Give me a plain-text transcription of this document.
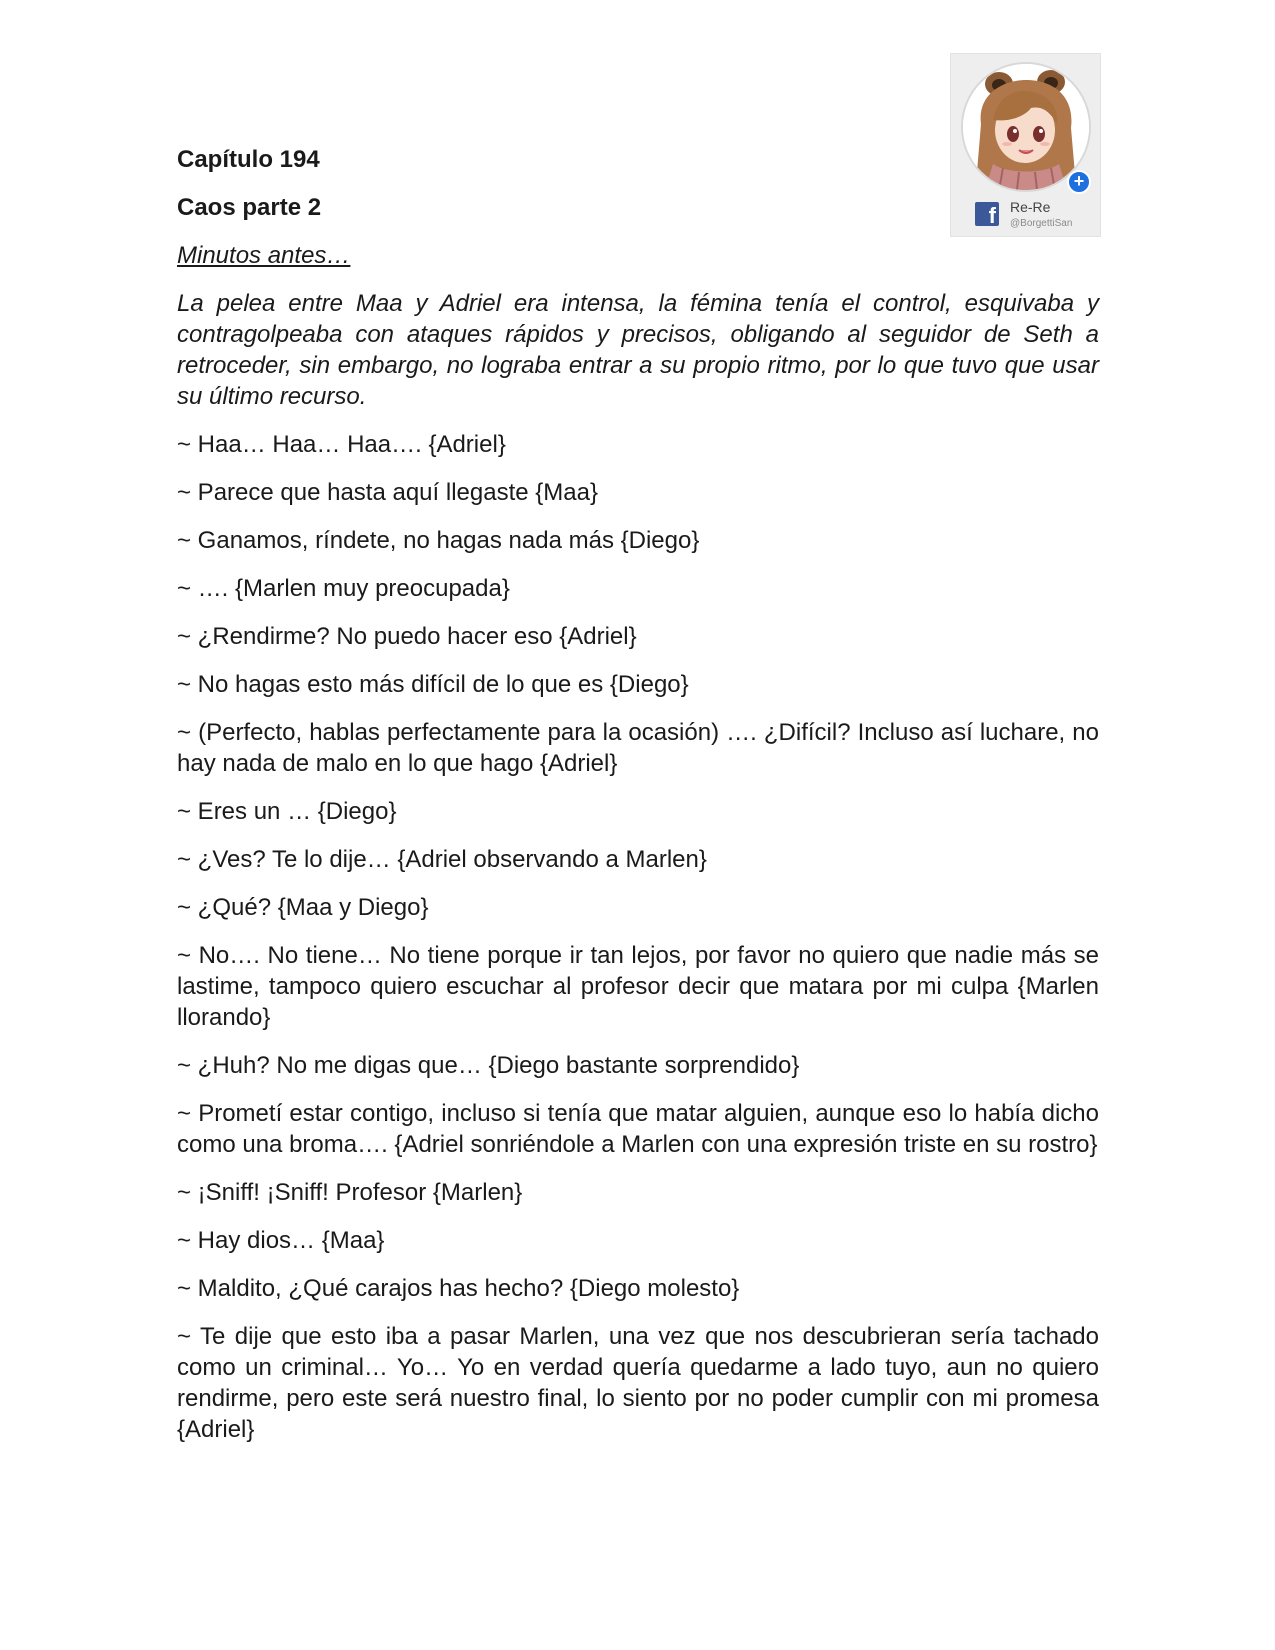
+
f Re-Re
@BorgettiSan

Capítulo 194

Caos parte 2

Minutos antes…

La pelea entre Maa y Adriel era intensa, la fémina tenía el control, esquivaba y contragolpeaba con ataques rápidos y precisos, obligando al seguidor de Seth a retroceder, sin embargo, no lograba entrar a su propio ritmo, por lo que tuvo que usar su último recurso.

~ Haa… Haa… Haa…. {Adriel}

~ Parece que hasta aquí llegaste {Maa}

~ Ganamos, ríndete, no hagas nada más {Diego}

~ …. {Marlen muy preocupada}

~ ¿Rendirme? No puedo hacer eso {Adriel}

~ No hagas esto más difícil de lo que es {Diego}

~ (Perfecto, hablas perfectamente para la ocasión) …. ¿Difícil? Incluso así luchare, no hay nada de malo en lo que hago {Adriel}

~ Eres un … {Diego}

~ ¿Ves? Te lo dije… {Adriel observando a Marlen}

~ ¿Qué? {Maa y Diego}

~ No…. No tiene… No tiene porque ir tan lejos, por favor no quiero que nadie más se lastime, tampoco quiero escuchar al profesor decir que matara por mi culpa {Marlen llorando}

~ ¿Huh? No me digas que… {Diego bastante sorprendido}

~ Prometí estar contigo, incluso si tenía que matar alguien, aunque eso lo había dicho como una broma…. {Adriel sonriéndole a Marlen con una expresión triste en su rostro}

~ ¡Sniff! ¡Sniff! Profesor {Marlen}

~ Hay dios… {Maa}

~ Maldito, ¿Qué carajos has hecho? {Diego molesto}

~ Te dije que esto iba a pasar Marlen, una vez que nos descubrieran sería tachado como un criminal… Yo… Yo en verdad quería quedarme a lado tuyo, aun no quiero rendirme, pero este será nuestro final, lo siento por no poder cumplir con mi promesa {Adriel}
